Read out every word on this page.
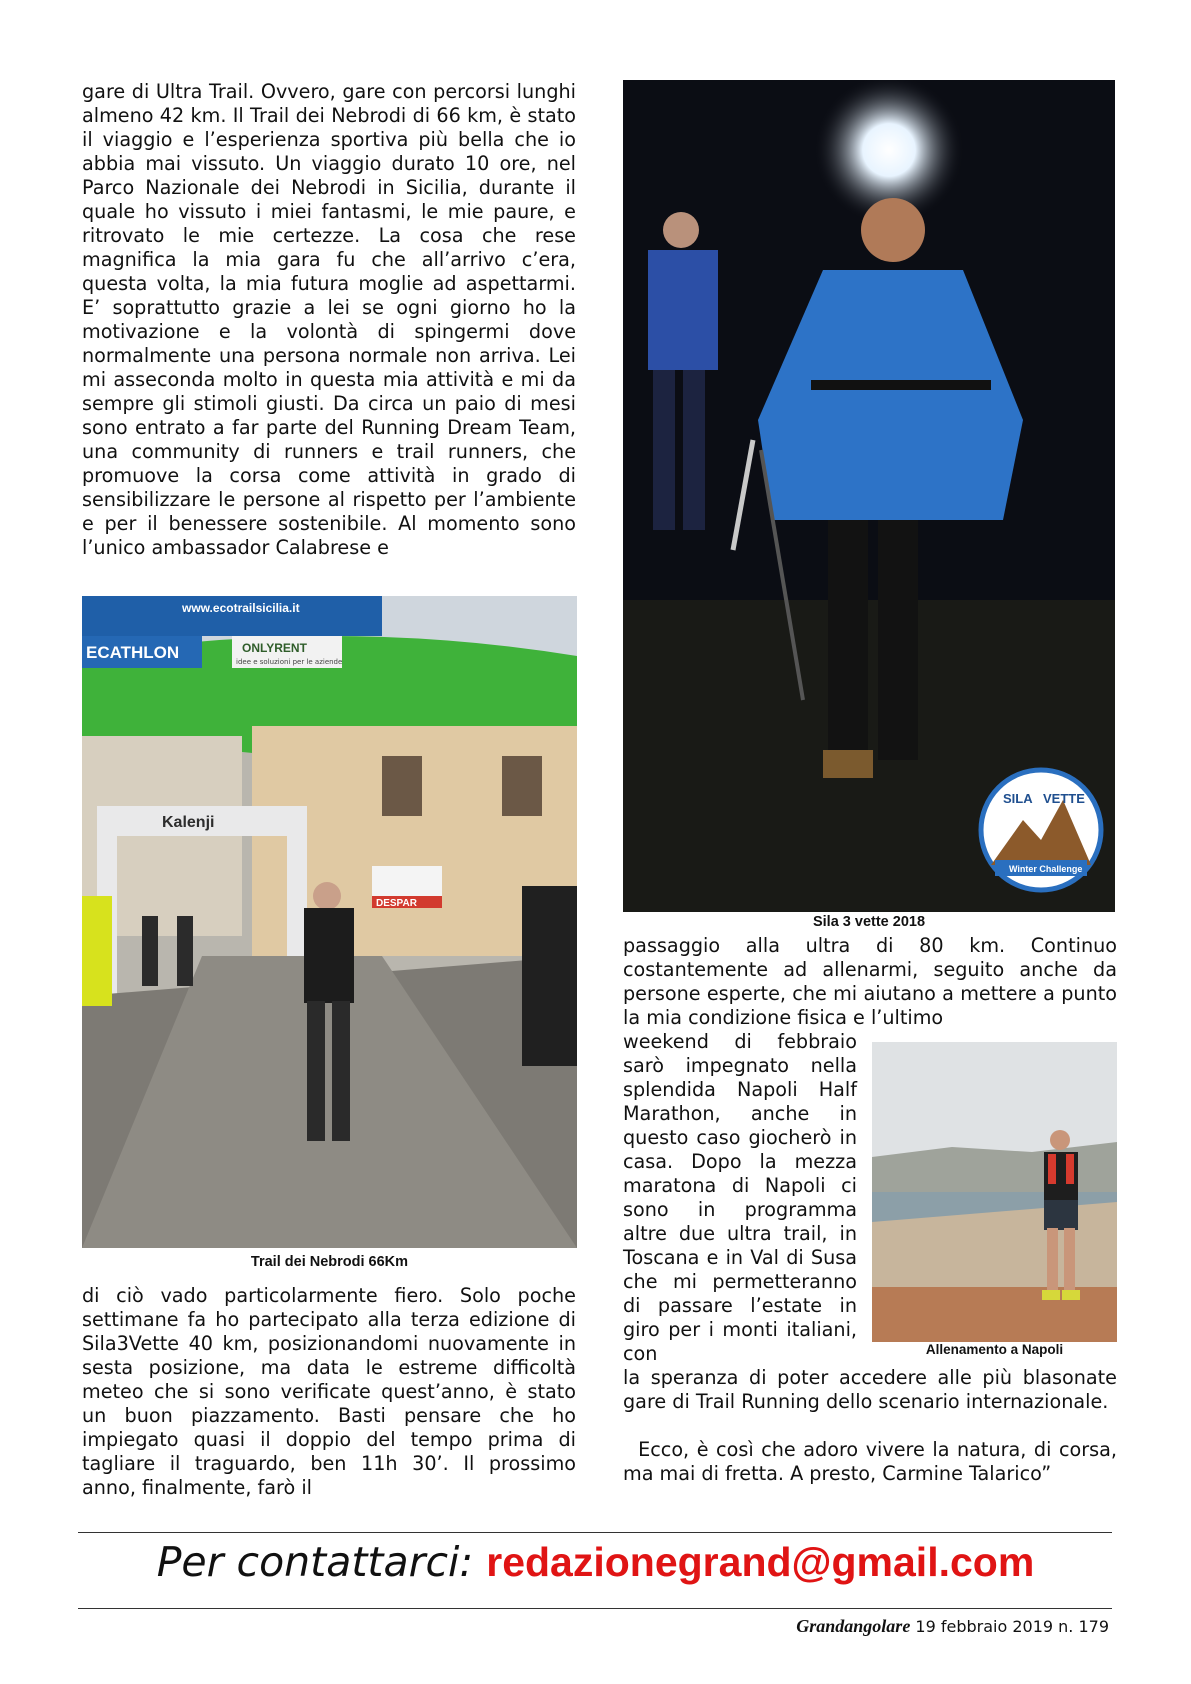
gare di Ultra Trail. Ovvero, gare con percorsi lunghi almeno 42 km. Il Trail dei Nebrodi di 66 km, è stato il viaggio e l’esperienza sportiva più bella che io abbia mai vissuto. Un viaggio durato 10 ore, nel Parco Nazionale dei Nebrodi in Sicilia, durante il quale ho vissuto i miei fantasmi, le mie paure, e ritrovato le mie certezze. La cosa che rese magnifica la mia gara fu che all’arrivo c’era, questa volta, la mia futura moglie ad aspettarmi. E’ soprattutto grazie a lei se ogni giorno ho la motivazione e la volontà di spingermi dove normalmente una persona normale non arriva. Lei mi asseconda molto in questa mia attività e mi da sempre gli stimoli giusti. Da circa un paio di mesi sono entrato a far parte del Running Dream Team, una community di runners e trail runners, che promuove la corsa come attività in grado di sensibilizzare le persone al rispetto per l’ambiente e per il benessere sostenibile. Al momento sono l’unico ambassador Calabrese e

www.ecotrailsicilia.it
ECATHLON	ONLYRENT
idee e soluzioni per le aziende
Kalenji
DESPAR
Trail dei Nebrodi 66Km

di ciò vado particolarmente fiero. Solo poche settimane fa ho partecipato alla terza edizione di Sila3Vette 40 km, posizionandomi nuovamente in sesta posizione, ma data le estreme difficoltà meteo che si sono verificate quest’anno, è stato un buon piazzamento. Basti pensare che ho impiegato quasi il doppio del tempo prima di tagliare il traguardo, ben 11h 30’. Il prossimo anno, finalmente, farò il

SILA VETTE
Winter Challenge
Sila 3 vette 2018

passaggio alla ultra di 80 km. Continuo costantemente ad allenarmi, seguito anche da persone esperte, che mi aiutano a mettere a punto la mia condizione fisica e l’ultimo

weekend di febbraio sarò impegnato nella splendida Napoli Half Marathon, anche in questo caso giocherò in casa. Dopo la mezza maratona di Napoli ci sono in programma altre due ultra trail, in Toscana e in Val di Susa che mi permetteranno di passare l’estate in giro per i monti italiani, con	Allenamento a Napoli

la speranza di poter accedere alle più blasonate gare di Trail Running dello scenario internazionale.

Ecco, è così che adoro vivere la natura, di corsa, ma mai di fretta. A presto, Carmine Talarico”

Per contattarci: redazionegrand@gmail.com
Grandangolare 19 febbraio 2019 n. 179
